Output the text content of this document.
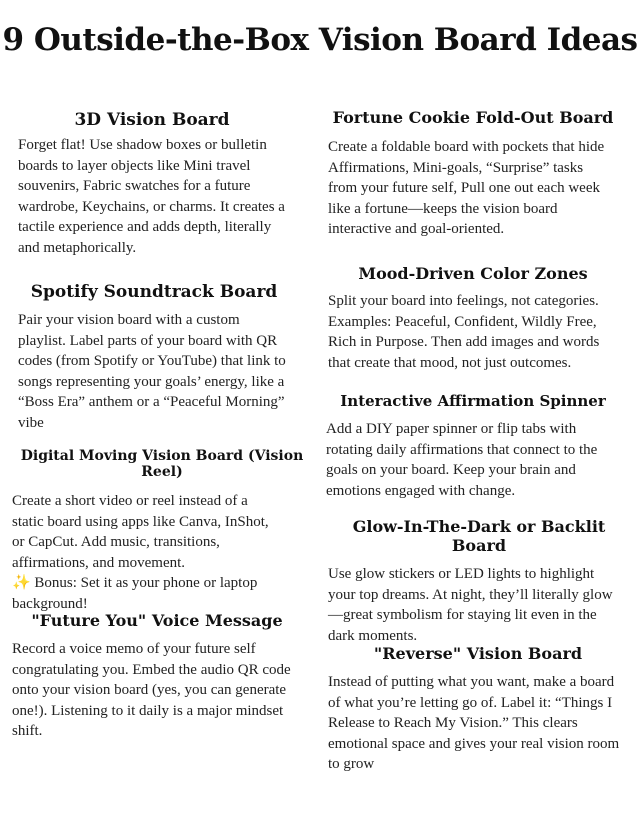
9 Outside-the-Box Vision Board Ideas
3D Vision Board

Forget flat! Use shadow boxes or bulletin boards to layer objects like Mini travel souvenirs, Fabric swatches for a future wardrobe, Keychains, or charms. It creates a tactile experience and adds depth, literally and metaphorically.

Spotify Soundtrack Board

Pair your vision board with a custom playlist. Label parts of your board with QR codes (from Spotify or YouTube) that link to songs representing your goals’ energy, like a “Boss Era” anthem or a “Peaceful Morning” vibe

Digital Moving Vision Board (Vision Reel)

Create a short video or reel instead of a static board using apps like Canva, InShot, or CapCut. Add music, transitions, affirmations, and movement.

✨ Bonus: Set it as your phone or laptop background!

"Future You" Voice Message

Record a voice memo of your future self congratulating you. Embed the audio QR code onto your vision board (yes, you can generate one!). Listening to it daily is a major mindset shift.

Fortune Cookie Fold-Out Board

Create a foldable board with pockets that hide Affirmations, Mini-goals, “Surprise” tasks from your future self, Pull one out each week like a fortune—keeps the vision board interactive and goal-oriented.

Mood-Driven Color Zones

Split your board into feelings, not categories. Examples: Peaceful, Confident, Wildly Free, Rich in Purpose. Then add images and words that create that mood, not just outcomes.

Interactive Affirmation Spinner

Add a DIY paper spinner or flip tabs with rotating daily affirmations that connect to the goals on your board. Keep your brain and emotions engaged with change.

Glow-In-The-Dark or Backlit Board

Use glow stickers or LED lights to highlight your top dreams. At night, they’ll literally glow—great symbolism for staying lit even in the dark moments.

"Reverse" Vision Board

Instead of putting what you want, make a board of what you’re letting go of. Label it: “Things I Release to Reach My Vision.” This clears emotional space and gives your real vision room to grow
